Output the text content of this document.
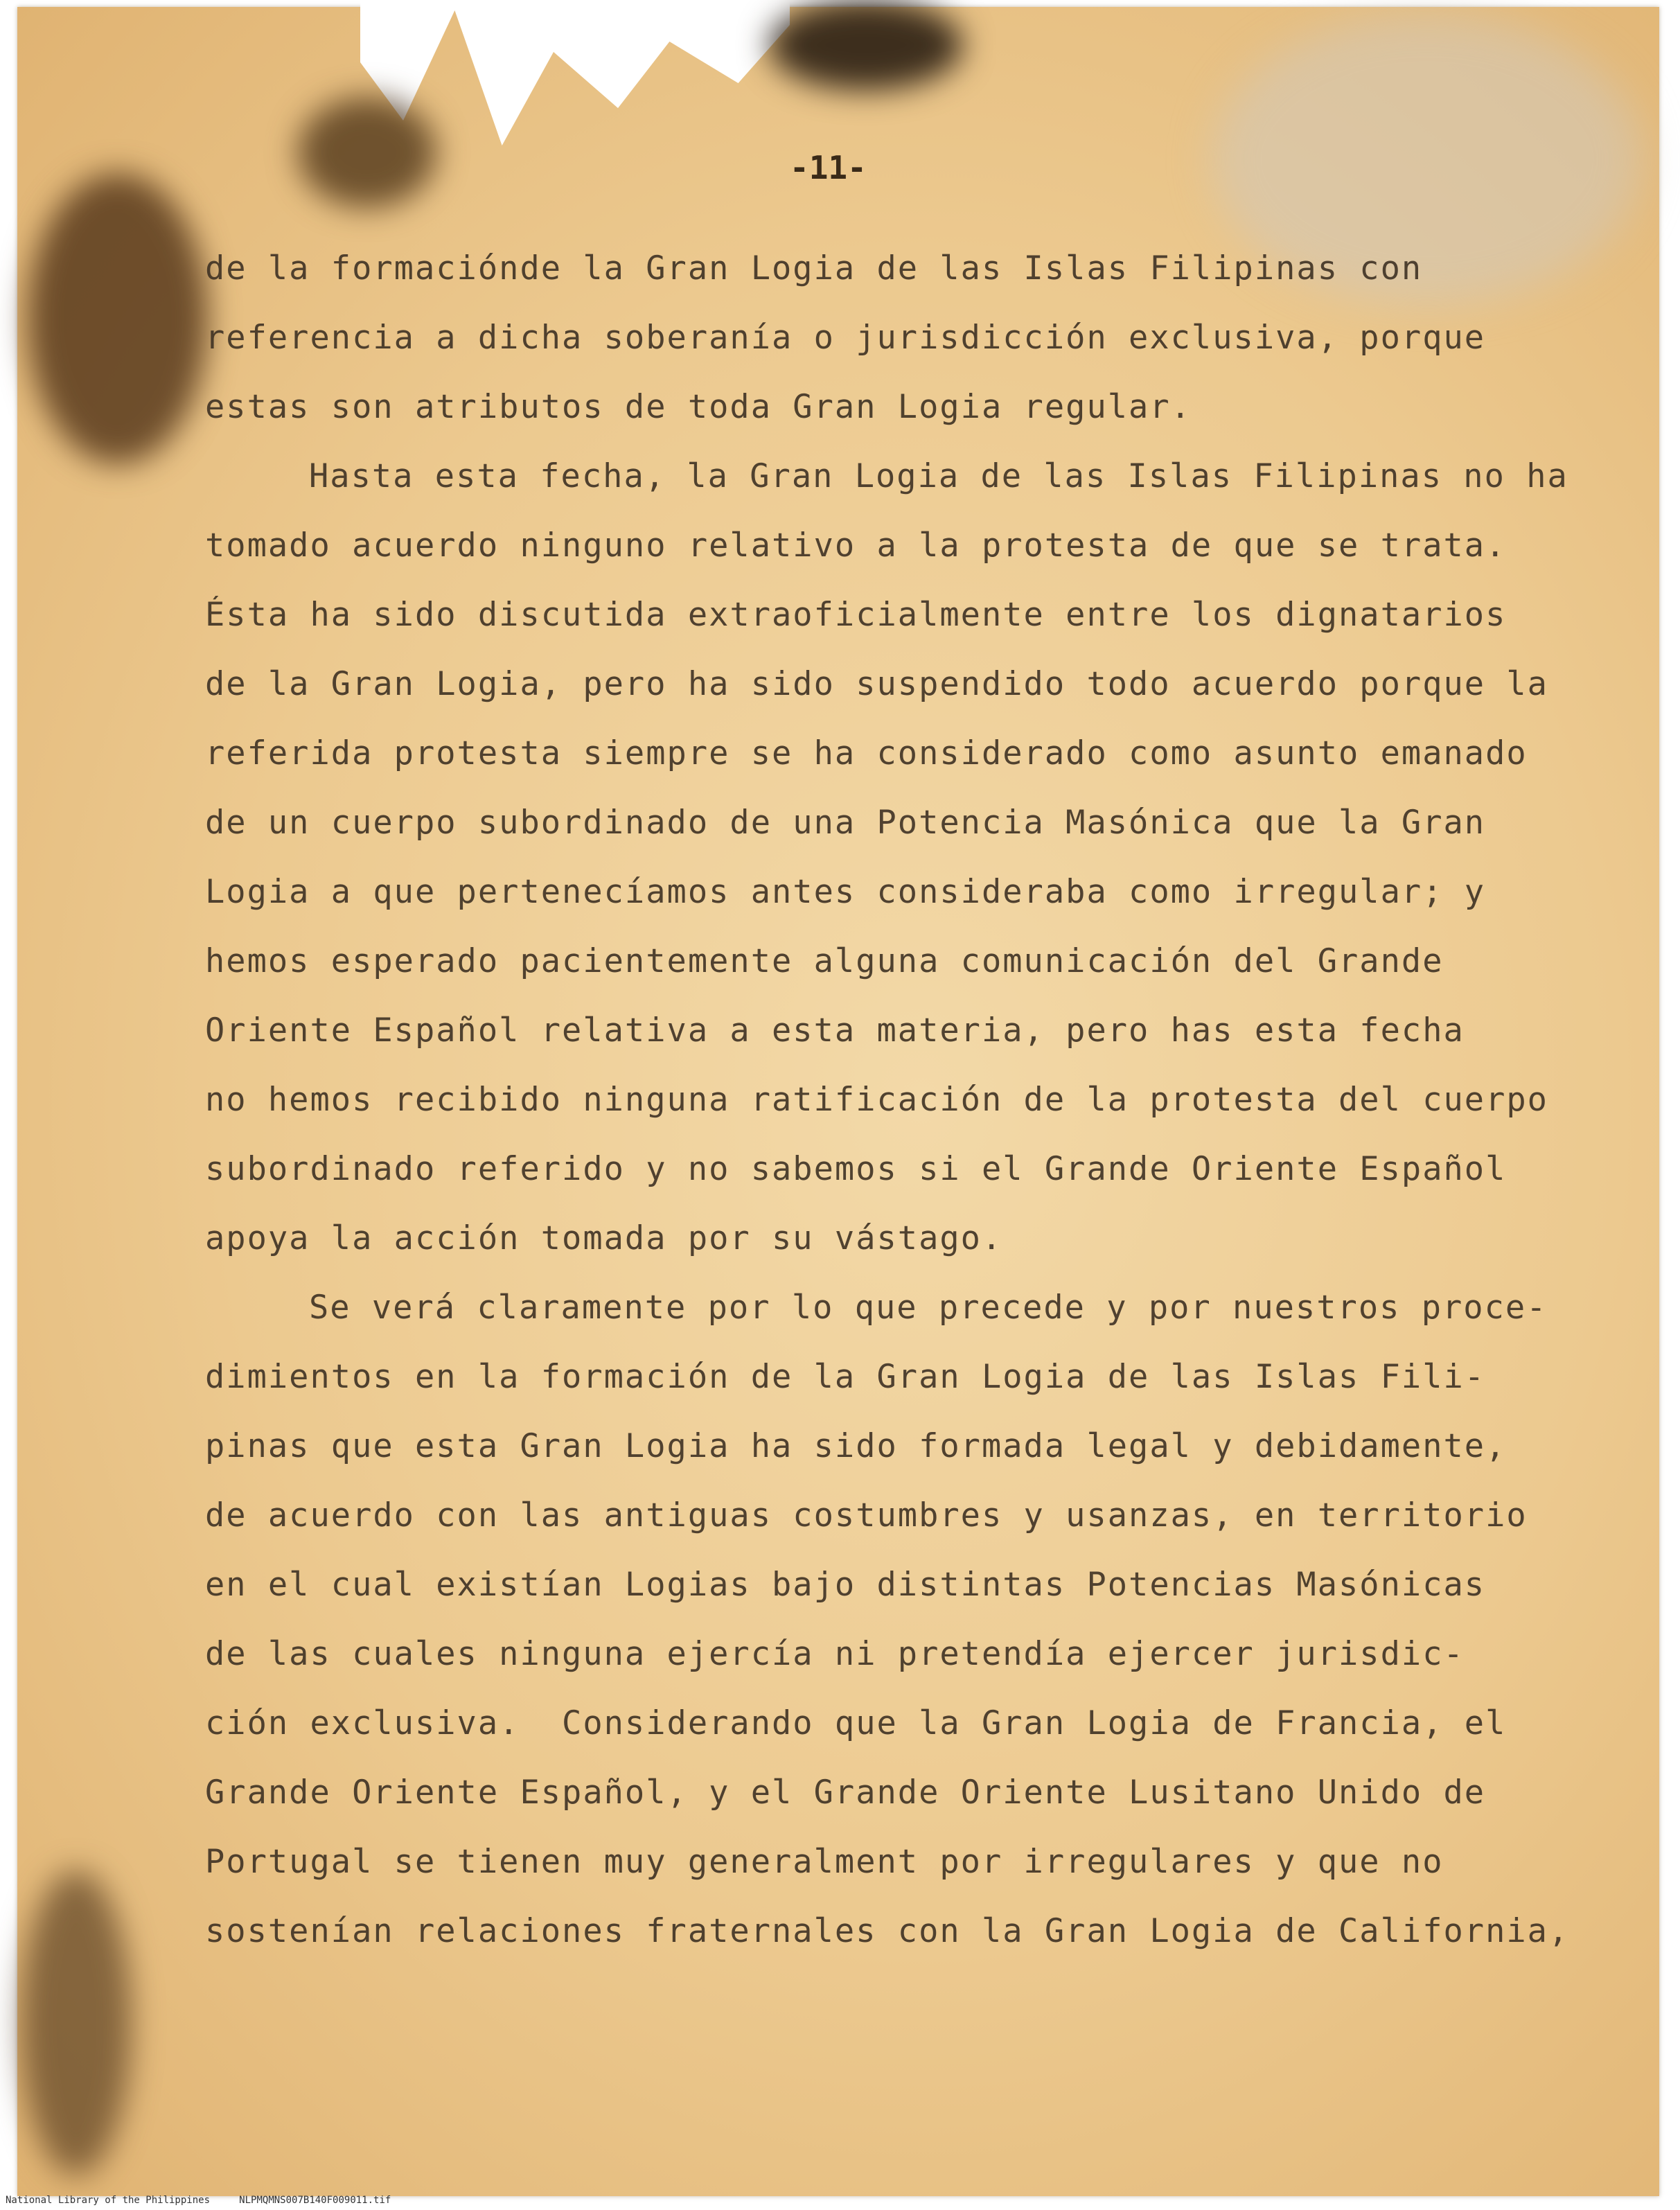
-11-
de la formaciónde la Gran Logia de las Islas Filipinas con
referencia a dicha soberanía o jurisdicción exclusiva, porque
estas son atributos de toda Gran Logia regular.
Hasta esta fecha, la Gran Logia de las Islas Filipinas no ha
tomado acuerdo ninguno relativo a la protesta de que se trata.
Ésta ha sido discutida extraoficialmente entre los dignatarios
de la Gran Logia, pero ha sido suspendido todo acuerdo porque la
referida protesta siempre se ha considerado como asunto emanado
de un cuerpo subordinado de una Potencia Masónica que la Gran
Logia a que pertenecíamos antes consideraba como irregular; y
hemos esperado pacientemente alguna comunicación del Grande
Oriente Español relativa a esta materia, pero has esta fecha
no hemos recibido ninguna ratificación de la protesta del cuerpo
subordinado referido y no sabemos si el Grande Oriente Español
apoya la acción tomada por su vástago.
Se verá claramente por lo que precede y por nuestros proce-
dimientos en la formación de la Gran Logia de las Islas Fili-
pinas que esta Gran Logia ha sido formada legal y debidamente,
de acuerdo con las antiguas costumbres y usanzas, en territorio
en el cual existían Logias bajo distintas Potencias Masónicas
de las cuales ninguna ejercía ni pretendía ejercer jurisdic-
ción exclusiva.  Considerando que la Gran Logia de Francia, el
Grande Oriente Español, y el Grande Oriente Lusitano Unido de
Portugal se tienen muy generalment por irregulares y que no
sostenían relaciones fraternales con la Gran Logia de California,
National Library of the Philippines	NLPMQMNS007B140F009011.tif
